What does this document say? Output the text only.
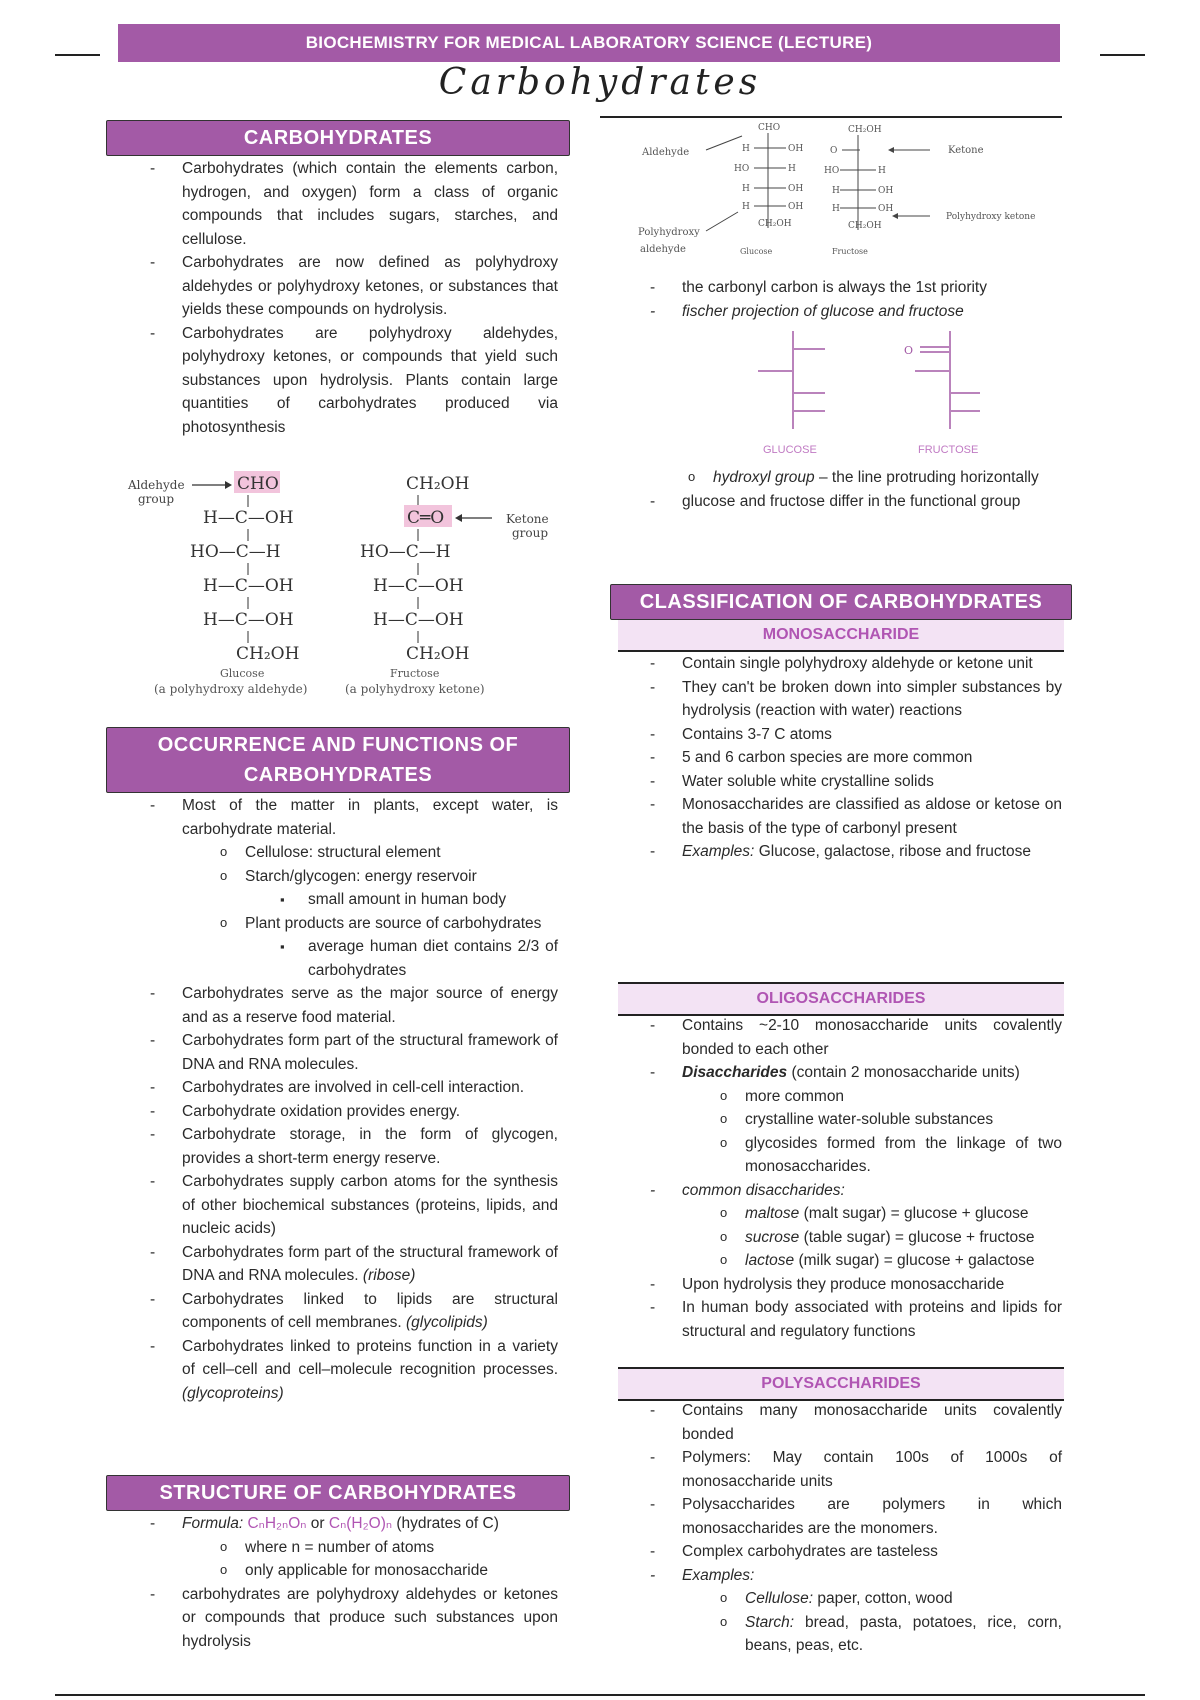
BIOCHEMISTRY FOR MEDICAL LABORATORY SCIENCE (LECTURE)
Carbohydrates
CARBOHYDRATES
- Carbohydrates (which contain the elements carbon, hydrogen, and oxygen) form a class of organic compounds that includes sugars, starches, and cellulose.
- Carbohydrates are now defined as polyhydroxy aldehydes or polyhydroxy ketones, or substances that yields these compounds on hydrolysis.
- Carbohydrates are polyhydroxy aldehydes, polyhydroxy ketones, or compounds that yield such substances upon hydrolysis. Plants contain large quantities of carbohydrates produced via photosynthesis
Aldehyde
group
CHO
H—C—OH
HO—C—H
H—C—OH
H—C—OH
CH₂OH
Glucose
(a polyhydroxy aldehyde)
CH₂OH
C═O
HO—C—H
H—C—OH
H—C—OH
CH₂OH
Ketone
group
Fructose
(a polyhydroxy ketone)
OCCURRENCE AND FUNCTIONS OF
CARBOHYDRATES
- Most of the matter in plants, except water, is carbohydrate material.
o Cellulose: structural element
o Starch/glycogen: energy reservoir
▪ small amount in human body
o Plant products are source of carbohydrates
▪ average human diet contains 2/3 of carbohydrates
- Carbohydrates serve as the major source of energy and as a reserve food material.
- Carbohydrates form part of the structural framework of DNA and RNA molecules.
- Carbohydrates are involved in cell-cell interaction.
- Carbohydrate oxidation provides energy.
- Carbohydrate storage, in the form of glycogen, provides a short-term energy reserve.
- Carbohydrates supply carbon atoms for the synthesis of other biochemical substances (proteins, lipids, and nucleic acids)
- Carbohydrates form part of the structural framework of DNA and RNA molecules. (ribose)
- Carbohydrates linked to lipids are structural components of cell membranes. (glycolipids)
- Carbohydrates linked to proteins function in a variety of cell–cell and cell–molecule recognition processes. (glycoproteins)
STRUCTURE OF CARBOHYDRATES
- Formula: CₙH₂ₙOₙ or Cₙ(H₂O)ₙ (hydrates of C)
o where n = number of atoms
o only applicable for monosaccharide
- carbohydrates are polyhydroxy aldehydes or ketones or compounds that produce such substances upon hydrolysis
Aldehyde
Polyhydroxy
aldehyde
CHO
H	OH
HO	H
H	OH
H	OH
CH₂OH
Glucose
CH₂OH
O
HO	H
H	OH
H	OH
CH₂OH
Fructose
Ketone
Polyhydroxy ketone
- the carbonyl carbon is always the 1st priority
- fischer projection of glucose and fructose
O
GLUCOSE	FRUCTOSE
o hydroxyl group – the line protruding horizontally
- glucose and fructose differ in the functional group
CLASSIFICATION OF CARBOHYDRATES
MONOSACCHARIDE
- Contain single polyhydroxy aldehyde or ketone unit
- They can't be broken down into simpler substances by hydrolysis (reaction with water) reactions
- Contains 3-7 C atoms
- 5 and 6 carbon species are more common
- Water soluble white crystalline solids
- Monosaccharides are classified as aldose or ketose on the basis of the type of carbonyl present
- Examples: Glucose, galactose, ribose and fructose
OLIGOSACCHARIDES
- Contains ~2-10 monosaccharide units covalently bonded to each other
- Disaccharides (contain 2 monosaccharide units)
o more common
o crystalline water-soluble substances
o glycosides formed from the linkage of two monosaccharides.
- common disaccharides:
o maltose (malt sugar) = glucose + glucose
o sucrose (table sugar) = glucose + fructose
o lactose (milk sugar) = glucose + galactose
- Upon hydrolysis they produce monosaccharide
- In human body associated with proteins and lipids for structural and regulatory functions
POLYSACCHARIDES
- Contains many monosaccharide units covalently bonded
- Polymers: May contain 100s of 1000s of monosaccharide units
- Polysaccharides are polymers in which monosaccharides are the monomers.
- Complex carbohydrates are tasteless
- Examples:
o Cellulose: paper, cotton, wood
o Starch: bread, pasta, potatoes, rice, corn, beans, peas, etc.
